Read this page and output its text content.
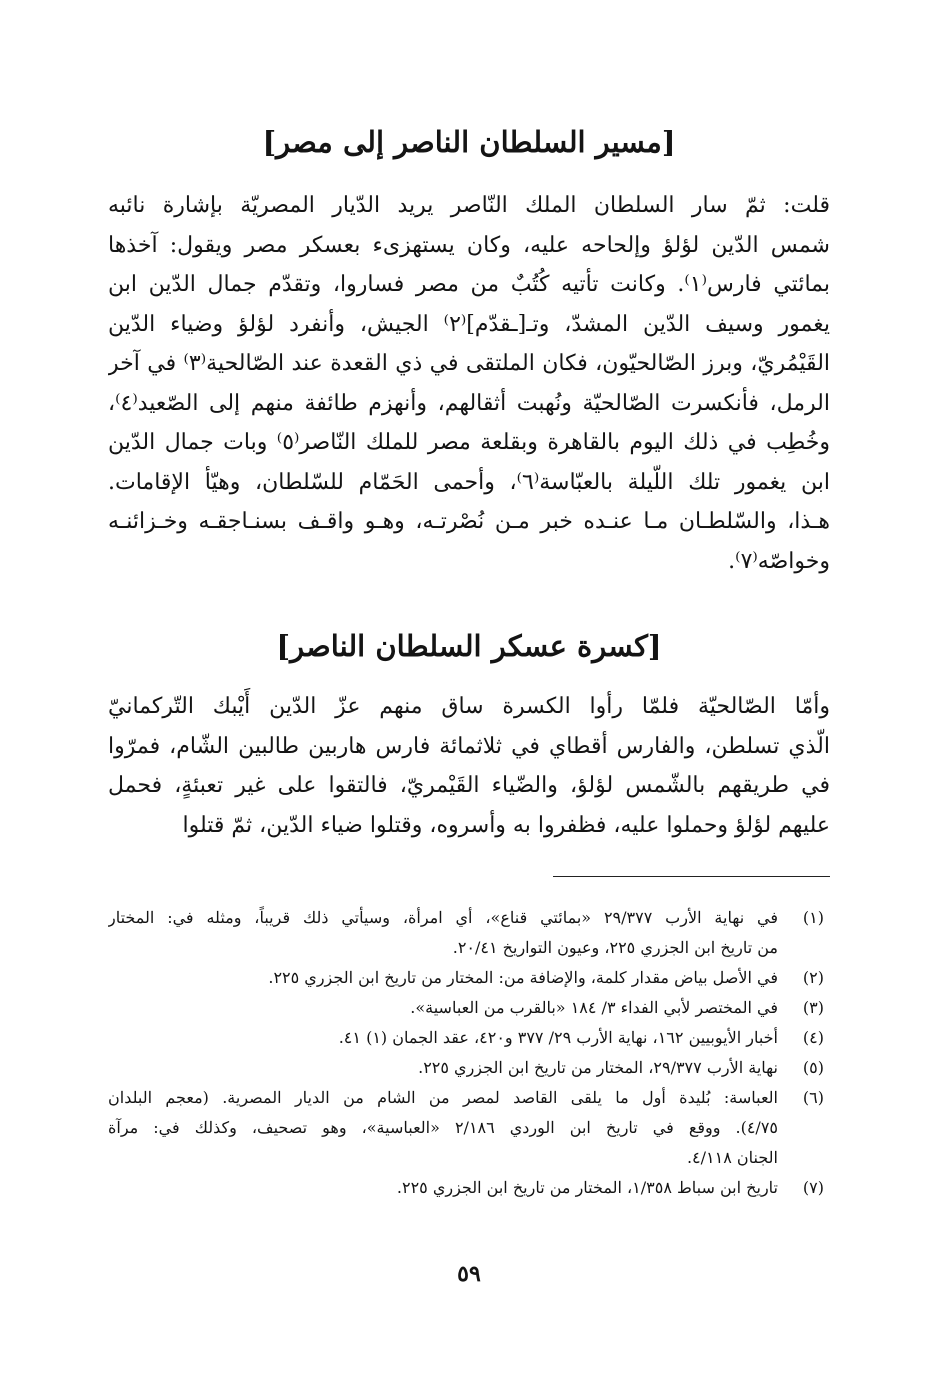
[مسير السلطان الناصر إلى مصر]
قلت: ثمّ سار السلطان الملك النّاصر يريد الدّيار المصريّة بإشارة نائبه
شمس الدّين لؤلؤ وإلحاحه عليه، وكان يستهزىء بعسكر مصر ويقول: آخذها
بمائتي فارس⁽١⁾. وكانت تأتيه كُتُبٌ من مصر فساروا، وتقدّم جمال الدّين ابن
يغمور وسيف الدّين المشدّ، وتـ[ـقدّم]⁽٢⁾ الجيش، وأنفرد لؤلؤ وضياء الدّين
القَيْمُريّ، وبرز الصّالحيّون، فكان الملتقى في ذي القعدة عند الصّالحية⁽٣⁾ في آخر
الرمل، فأنكسرت الصّالحيّة ونُهبت أثقالهم، وأنهزم طائفة منهم إلى الصّعيد⁽٤⁾،
وخُطِب في ذلك اليوم بالقاهرة وبقلعة مصر للملك النّاصر⁽٥⁾ وبات جمال الدّين
ابن يغمور تلك اللّيلة بالعبّاسة⁽٦⁾، وأحمى الحَمّام للسّلطان، وهيّأ الإقامات.
هـذا، والسّلطـان مـا عنـده خبر مـن نُصْرتـه، وهـو واقـف بسنـاجقـه وخـزائنـه
وخواصّه⁽٧⁾.
[كسرة عسكر السلطان الناصر]
وأمّا الصّالحيّة فلمّا رأوا الكسرة ساق منهم عزّ الدّين أَيْبك التّركمانيّ
الّذي تسلطن، والفارس أقطاي في ثلاثمائة فارس هاربين طالبين الشّام، فمرّوا
في طريقهم بالشّمس لؤلؤ، والضّياء القَيْمريّ، فالتقوا على غير تعبئةٍ، فحمل
عليهم لؤلؤ وحملوا عليه، فظفروا به وأسروه، وقتلوا ضياء الدّين، ثمّ قتلوا
(١)
في نهاية الأرب ٢٩/٣٧٧ «بمائتي قناع»، أي امرأة، وسيأتي ذلك قريباً، ومثله في: المختار
من تاريخ ابن الجزري ٢٢٥، وعيون التواريخ ٢٠/٤١.
(٢)
في الأصل بياض مقدار كلمة، والإضافة من: المختار من تاريخ ابن الجزري ٢٢٥.
(٣)
في المختصر لأبي الفداء ٣/ ١٨٤ «بالقرب من العباسية».
(٤)
أخبار الأيوبيين ١٦٢، نهاية الأرب ٢٩/ ٣٧٧ و٤٢٠، عقد الجمان (١) ٤١.
(٥)
نهاية الأرب ٢٩/٣٧٧، المختار من تاريخ ابن الجزري ٢٢٥.
(٦)
العباسة: بُليدة أول ما يلقى القاصد لمصر من الشام من الديار المصرية. (معجم البلدان
٤/٧٥). ووقع في تاريخ ابن الوردي ٢/١٨٦ «العباسية»، وهو تصحيف، وكذلك في: مرآة
الجنان ٤/١١٨.
(٧)
تاريخ ابن سباط ١/٣٥٨، المختار من تاريخ ابن الجزري ٢٢٥.
٥٩
